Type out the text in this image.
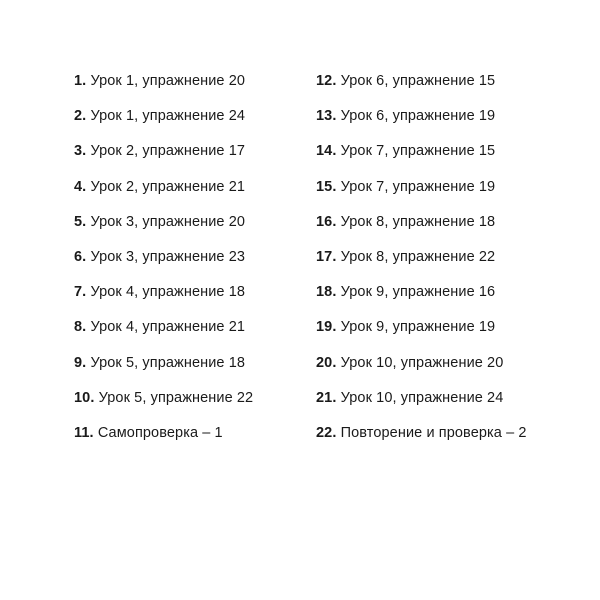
1. Урок 1, упражнение 20
2. Урок 1, упражнение 24
3. Урок 2, упражнение 17
4. Урок 2, упражнение 21
5. Урок 3, упражнение 20
6. Урок 3, упражнение 23
7. Урок 4, упражнение 18
8. Урок 4, упражнение 21
9. Урок 5, упражнение 18
10. Урок 5, упражнение 22
11. Самопроверка – 1
12. Урок 6, упражнение 15
13. Урок 6, упражнение 19
14. Урок 7, упражнение 15
15. Урок 7, упражнение 19
16. Урок 8, упражнение 18
17. Урок 8, упражнение 22
18. Урок 9, упражнение 16
19. Урок 9, упражнение 19
20. Урок 10, упражнение 20
21. Урок 10, упражнение 24
22. Повторение и проверка – 2
